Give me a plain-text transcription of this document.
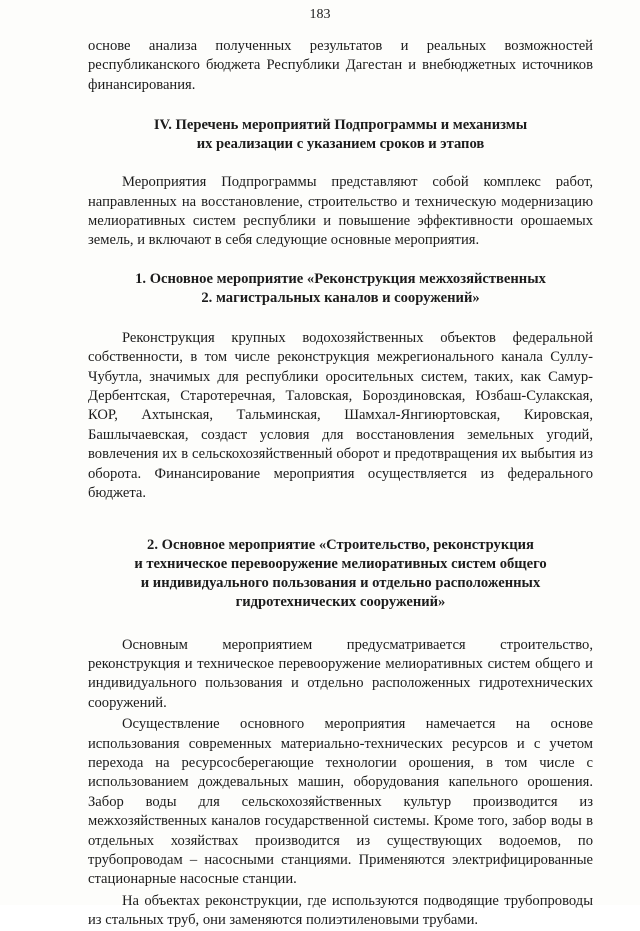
183

основе анализа полученных результатов и реальных возможностей республиканского бюджета Республики Дагестан и внебюджетных источников финансирования.

IV. Перечень мероприятий Подпрограммы и механизмы
их реализации с указанием сроков и этапов

Мероприятия Подпрограммы представляют собой комплекс работ, направленных на восстановление, строительство и техническую модернизацию мелиоративных систем республики и повышение эффективности орошаемых земель, и включают в себя следующие основные мероприятия.

1. Основное мероприятие «Реконструкция межхозяйственных
2. магистральных каналов и сооружений»

Реконструкция крупных водохозяйственных объектов федеральной собственности, в том числе реконструкция межрегионального канала Суллу-Чубутла, значимых для республики оросительных систем, таких, как Самур-Дербентская, Старотеречная, Таловская, Бороздиновская, Юзбаш-Сулакская, КОР, Ахтынская, Тальминская, Шамхал-Янгиюртовская, Кировская, Башлычаевская, создаст условия для восстановления земельных угодий, вовлечения их в сельскохозяйственный оборот и предотвращения их выбытия из оборота. Финансирование мероприятия осуществляется из федерального бюджета.

2. Основное мероприятие «Строительство, реконструкция
и техническое перевооружение мелиоративных систем общего
и индивидуального пользования и отдельно расположенных
гидротехнических сооружений»

Основным мероприятием предусматривается строительство, реконструкция и техническое перевооружение мелиоративных систем общего и индивидуального пользования и отдельно расположенных гидротехнических сооружений.

Осуществление основного мероприятия намечается на основе использования современных материально-технических ресурсов и с учетом перехода на ресурсосберегающие технологии орошения, в том числе с использованием дождевальных машин, оборудования капельного орошения. Забор воды для сельскохозяйственных культур производится из межхозяйственных каналов государственной системы. Кроме того, забор воды в отдельных хозяйствах производится из существующих водоемов, по трубопроводам – насосными станциями. Применяются электрифицированные стационарные насосные станции.

На объектах реконструкции, где используются подводящие трубопроводы из стальных труб, они заменяются полиэтиленовыми трубами.
